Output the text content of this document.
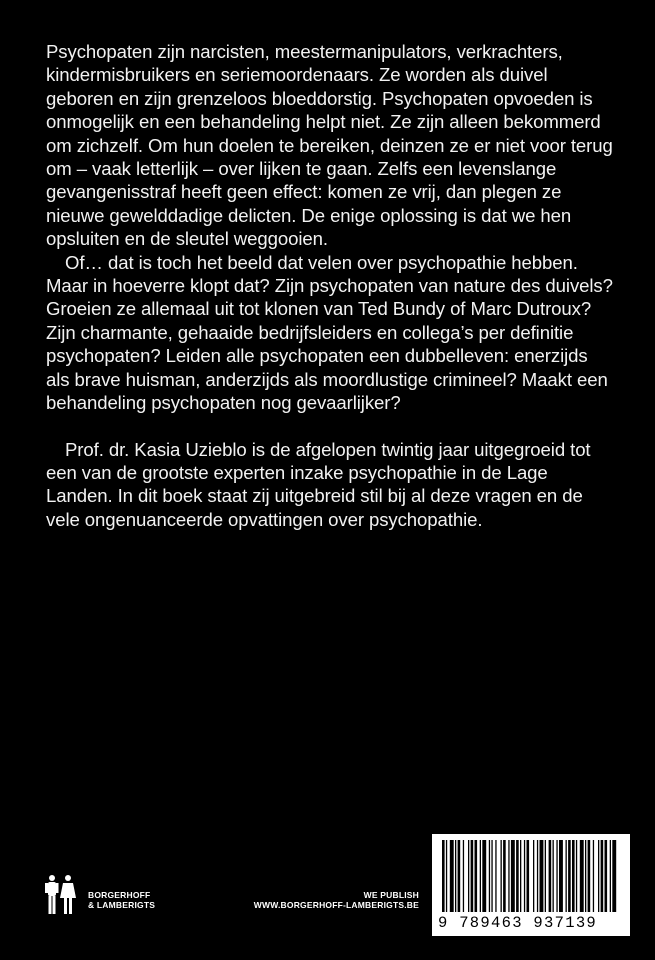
Psychopaten zijn narcisten, meestermanipulators, verkrachters, kindermisbruikers en seriemoordenaars. Ze worden als duivel geboren en zijn grenzeloos bloeddorstig. Psychopaten opvoeden is onmogelijk en een behandeling helpt niet. Ze zijn alleen bekommerd om zichzelf. Om hun doelen te bereiken, deinzen ze er niet voor terug om – vaak letterlijk – over lijken te gaan. Zelfs een levenslange gevangenisstraf heeft geen effect: komen ze vrij, dan plegen ze nieuwe gewelddadige delicten. De enige oplossing is dat we hen opsluiten en de sleutel weggooien.

Of… dat is toch het beeld dat velen over psychopathie hebben. Maar in hoeverre klopt dat? Zijn psychopaten van nature des duivels? Groeien ze allemaal uit tot klonen van Ted Bundy of Marc Dutroux? Zijn charmante, gehaaide bedrijfsleiders en collega’s per definitie psychopaten? Leiden alle psychopaten een dubbelleven: enerzijds als brave huisman, anderzijds als moordlustige crimineel? Maakt een behandeling psychopaten nog gevaarlijker?

Prof. dr. Kasia Uzieblo is de afgelopen twintig jaar uitgegroeid tot een van de grootste experten inzake psychopathie in de Lage Landen. In dit boek staat zij uitgebreid stil bij al deze vragen en de vele ongenuanceerde opvattingen over psychopathie.

BORGERHOFF
& LAMBERIGTS
WE PUBLISH
WWW.BORGERHOFF-LAMBERIGTS.BE
9 789463 937139
